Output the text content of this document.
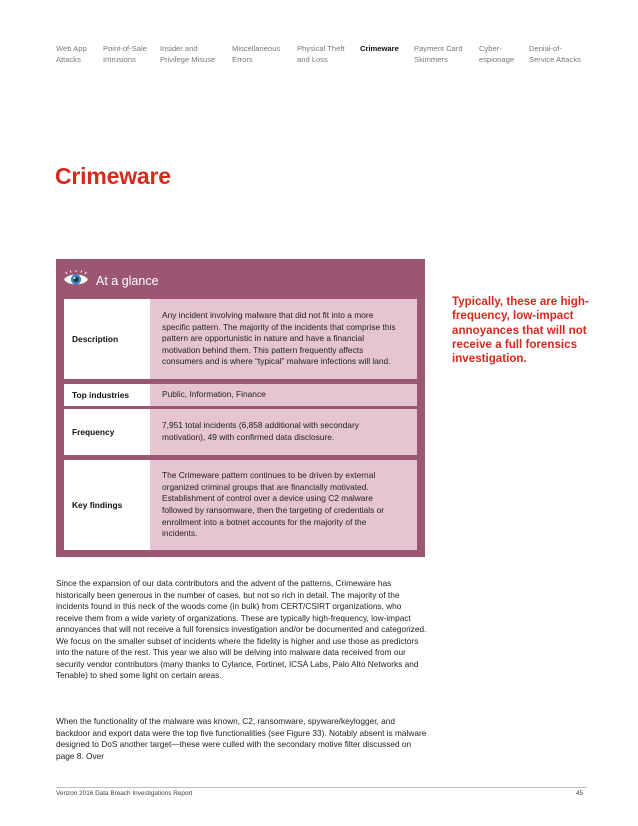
Web App
Attacks
Point-of-Sale
Intrusions
Insider and
Privilege Misuse
Miscellaneous
Errors
Physical Theft
and Loss
Crimeware Payment Card
Skimmers
Cyber-
espionage
Denial-of-
Service Attacks
Crimeware
At a glance
Description
Any incident involving malware that did not fit into a more specific pattern. The majority of the incidents that comprise this pattern are opportunistic in nature and have a financial motivation behind them. This pattern frequently affects consumers and is where “typical” malware infections will land.
Top industries	Public, Information, Finance
Frequency
7,951 total incidents (6,858 additional with secondary motivation), 49 with confirmed data disclosure.
Key findings
The Crimeware pattern continues to be driven by external organized criminal groups that are financially motivated. Establishment of control over a device using C2 malware followed by ransomware, then the targeting of credentials or enrollment into a botnet accounts for the majority of the incidents.
Typically, these are high-frequency, low-impact annoyances that will not receive a full forensics investigation.

Since the expansion of our data contributors and the advent of the patterns, Crimeware has historically been generous in the number of cases, but not so rich in detail. The majority of the incidents found in this neck of the woods come (in bulk) from CERT/CSIRT organizations, who receive them from a wide variety of organizations. These are typically high-frequency, low-impact annoyances that will not receive a full forensics investigation and/or be documented and categorized. We focus on the smaller subset of incidents where the fidelity is higher and use those as predictors into the nature of the rest. This year we also will be delving into malware data received from our security vendor contributors (many thanks to Cylance, Fortinet, ICSA Labs, Palo Alto Networks and Tenable) to shed some light on certain areas.

When the functionality of the malware was known, C2, ransomware, spyware/keylogger, and backdoor and export data were the top five functionalities (see Figure 33). Notably absent is malware designed to DoS another target—these were culled with the secondary motive filter discussed on page 8. Over

Verizon 2016 Data Breach Investigations Report	45
